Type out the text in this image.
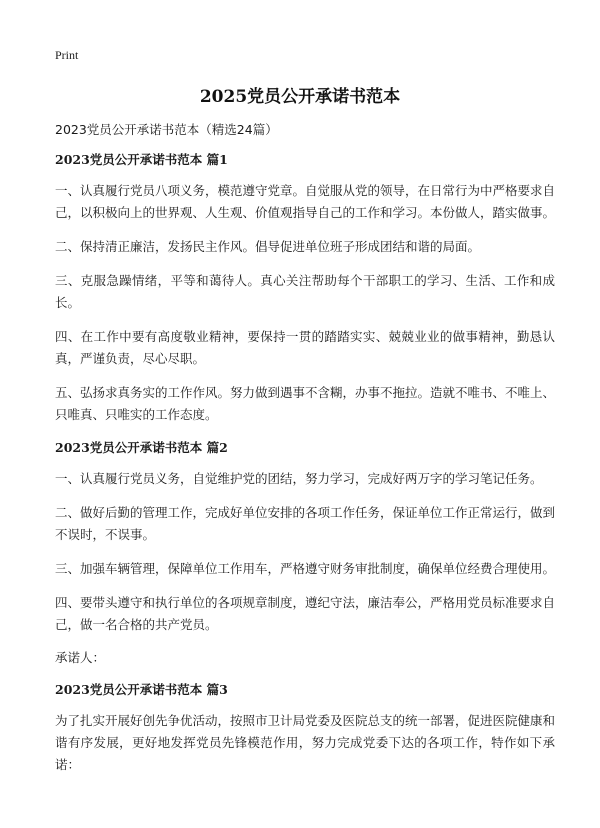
Print
2025党员公开承诺书范本
2023党员公开承诺书范本（精选24篇）
2023党员公开承诺书范本 篇1

一、认真履行党员八项义务，模范遵守党章。自觉服从党的领导，在日常行为中严格要求自己，以积极向上的世界观、人生观、价值观指导自己的工作和学习。本份做人，踏实做事。

二、保持清正廉洁，发扬民主作风。倡导促进单位班子形成团结和谐的局面。

三、克服急躁情绪，平等和蔼待人。真心关注帮助每个干部职工的学习、生活、工作和成长。

四、在工作中要有高度敬业精神，要保持一贯的踏踏实实、兢兢业业的做事精神，勤恳认真，严谨负责，尽心尽职。

五、弘扬求真务实的工作作风。努力做到遇事不含糊，办事不拖拉。造就不唯书、不唯上、只唯真、只唯实的工作态度。

2023党员公开承诺书范本 篇2

一、认真履行党员义务，自觉维护党的团结，努力学习，完成好两万字的学习笔记任务。

二、做好后勤的管理工作，完成好单位安排的各项工作任务，保证单位工作正常运行，做到不误时，不误事。

三、加强车辆管理，保障单位工作用车，严格遵守财务审批制度，确保单位经费合理使用。

四、要带头遵守和执行单位的各项规章制度，遵纪守法，廉洁奉公，严格用党员标准要求自己，做一名合格的共产党员。

承诺人：
2023党员公开承诺书范本 篇3

为了扎实开展好创先争优活动，按照市卫计局党委及医院总支的统一部署，促进医院健康和谐有序发展，更好地发挥党员先锋模范作用，努力完成党委下达的各项工作，特作如下承诺：
